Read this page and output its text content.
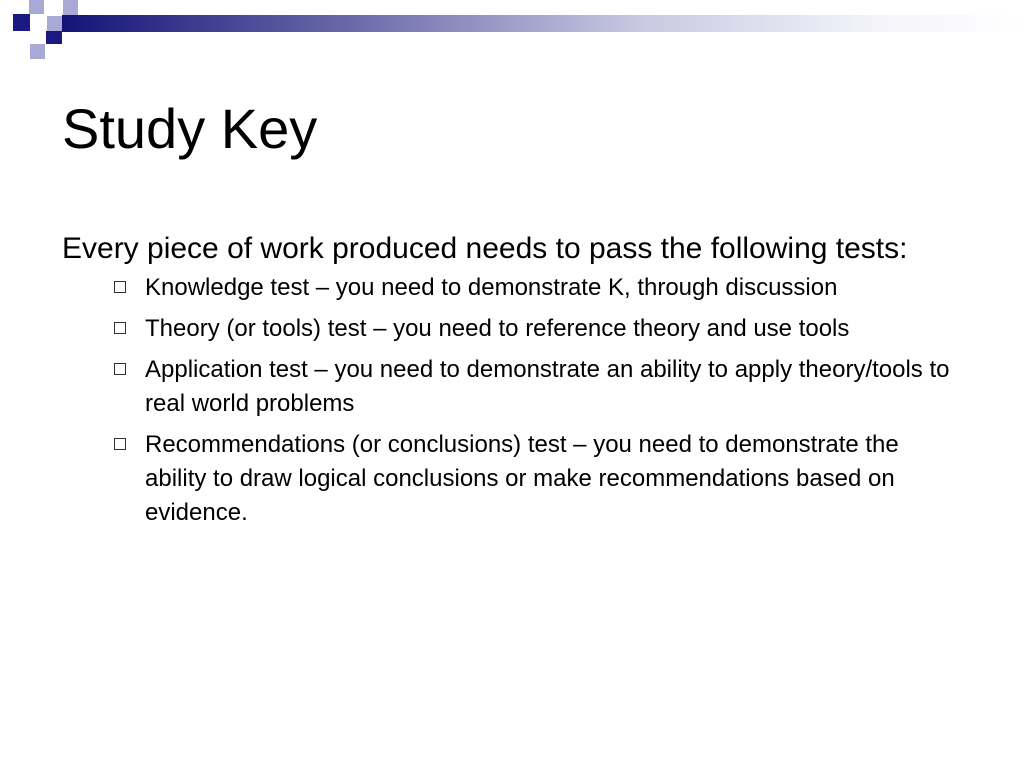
Study Key

Every piece of work produced needs to pass the following tests:

Knowledge test – you need to demonstrate K, through discussion
Theory (or tools) test – you need to reference theory and use tools
Application test – you need to demonstrate an ability to apply theory/tools to real world problems
Recommendations (or conclusions) test – you need to demonstrate the ability to draw logical conclusions or make recommendations based on evidence.
